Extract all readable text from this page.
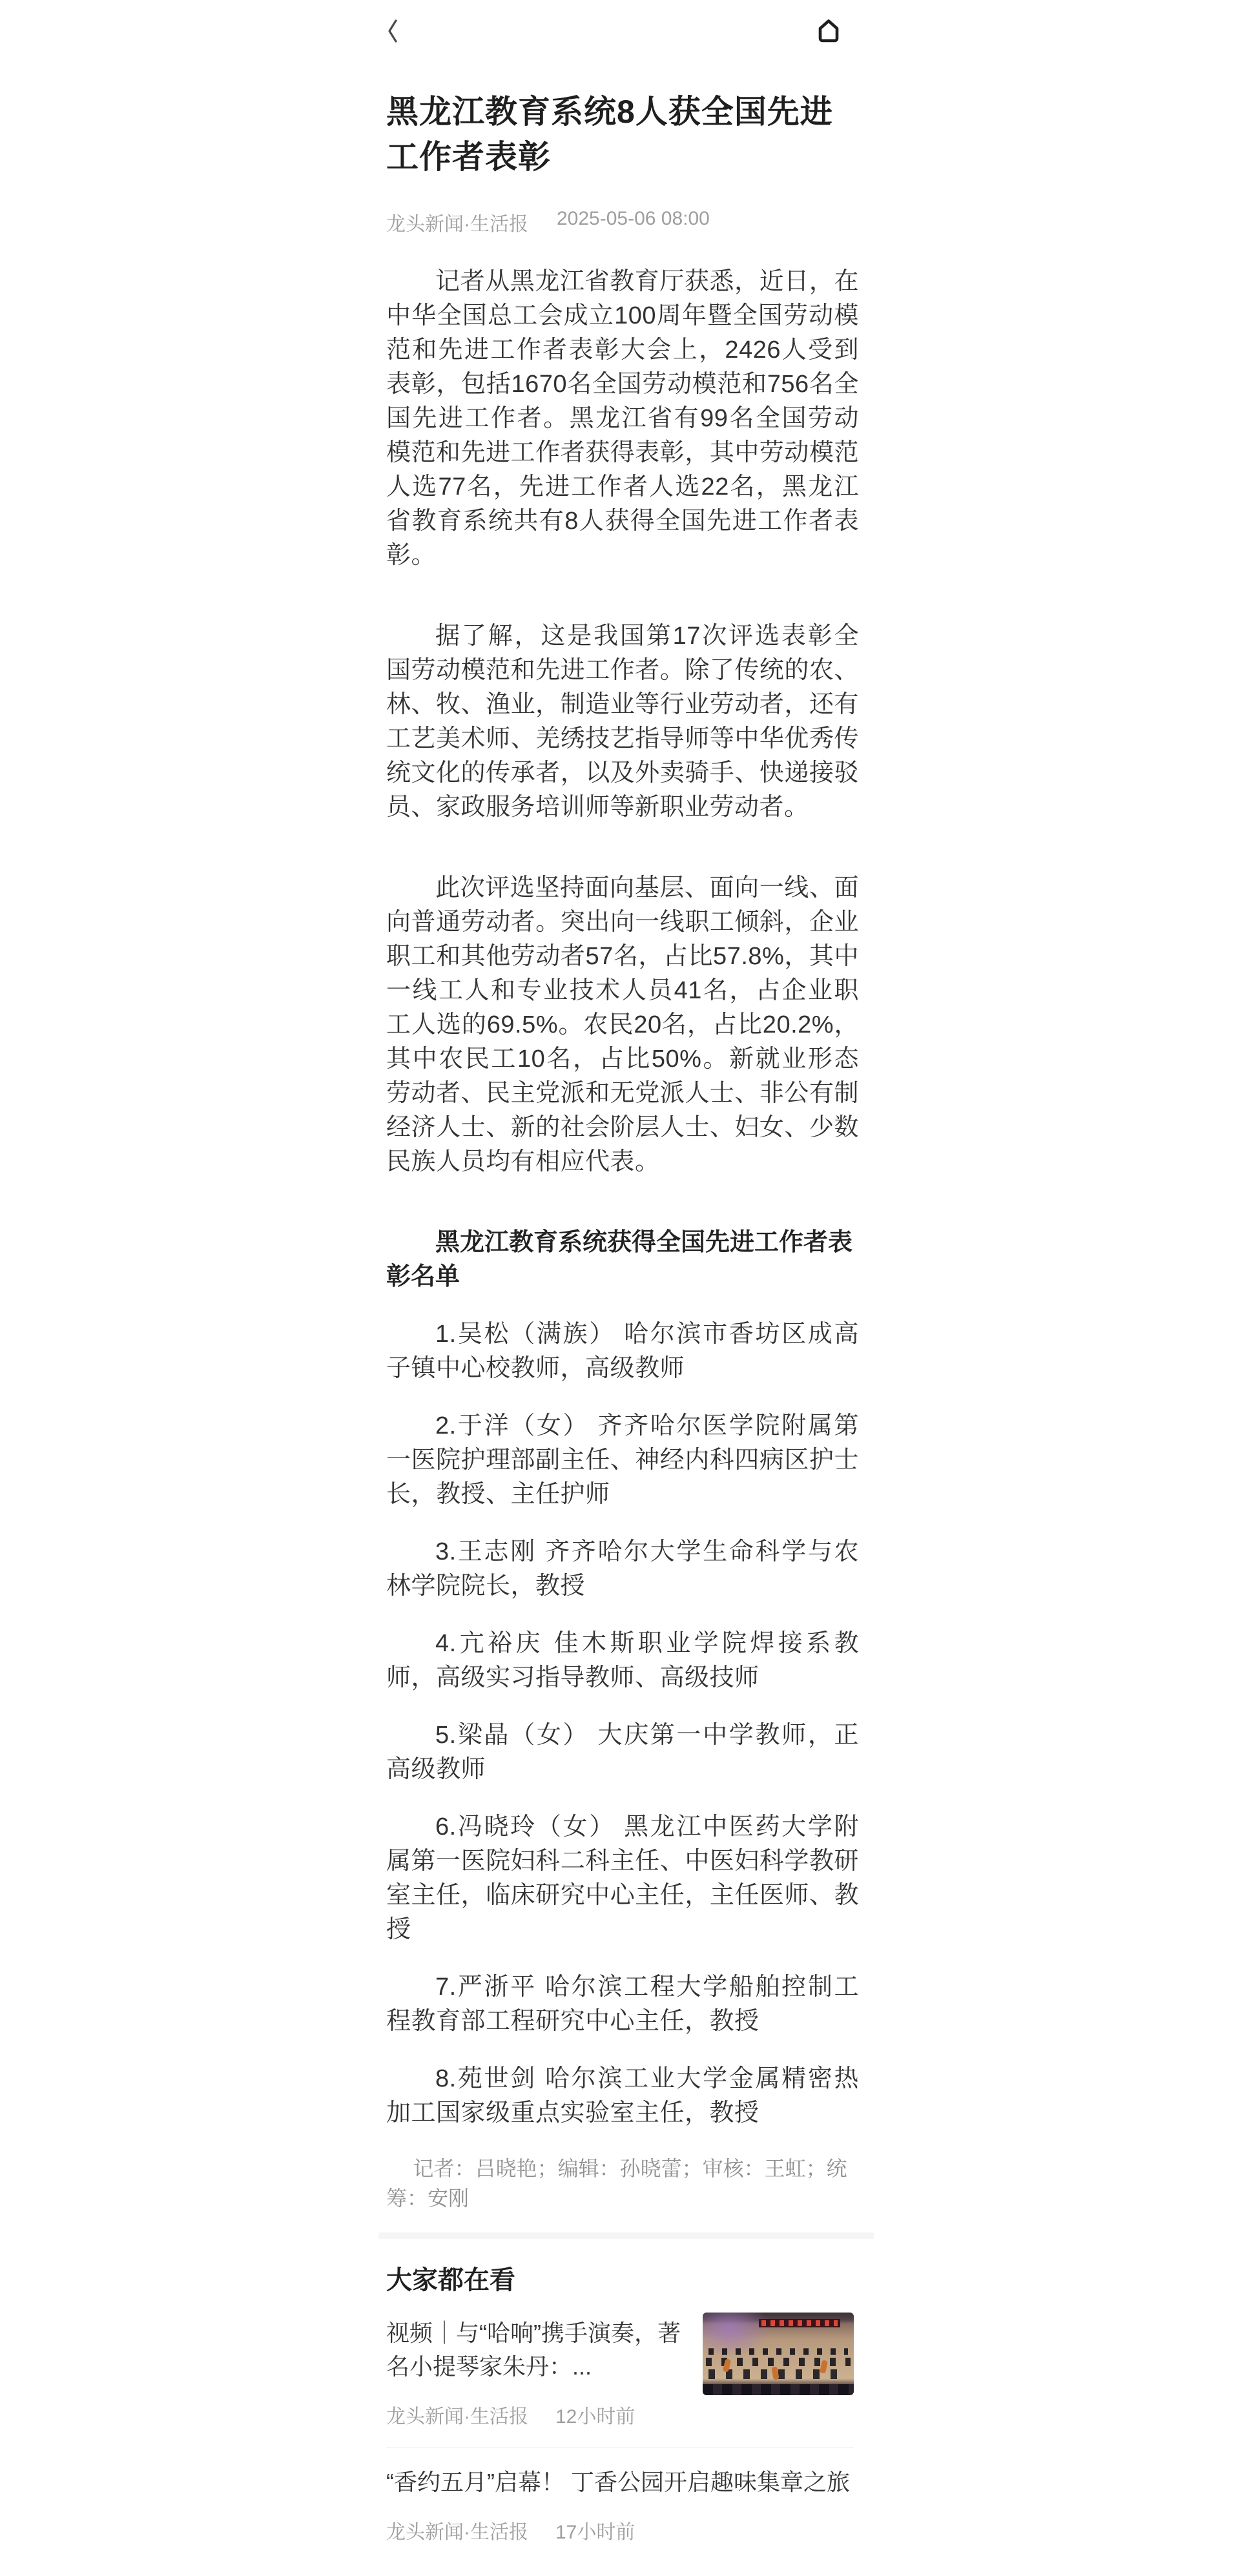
黑龙江教育系统8人获全国先进工作者表彰
龙头新闻·生活报 2025-05-06 08:00

记者从黑龙江省教育厅获悉，近日，在中华全国总工会成立100周年暨全国劳动模范和先进工作者表彰大会上，2426人受到表彰，包括1670名全国劳动模范和756名全国先进工作者。黑龙江省有99名全国劳动模范和先进工作者获得表彰，其中劳动模范人选77名，先进工作者人选22名，黑龙江省教育系统共有8人获得全国先进工作者表彰。

据了解，这是我国第17次评选表彰全国劳动模范和先进工作者。除了传统的农、林、牧、渔业，制造业等行业劳动者，还有工艺美术师、羌绣技艺指导师等中华优秀传统文化的传承者，以及外卖骑手、快递接驳员、家政服务培训师等新职业劳动者。

此次评选坚持面向基层、面向一线、面向普通劳动者。突出向一线职工倾斜，企业职工和其他劳动者57名，占比57.8%，其中一线工人和专业技术人员41名，占企业职工人选的69.5%。农民20名，占比20.2%，其中农民工10名，占比50%。新就业形态劳动者、民主党派和无党派人士、非公有制经济人士、新的社会阶层人士、妇女、少数民族人员均有相应代表。

黑龙江教育系统获得全国先进工作者表彰名单

1.吴松（满族） 哈尔滨市香坊区成高子镇中心校教师，高级教师

2.于洋（女） 齐齐哈尔医学院附属第一医院护理部副主任、神经内科四病区护士长，教授、主任护师

3.王志刚 齐齐哈尔大学生命科学与农林学院院长，教授

4.亢裕庆 佳木斯职业学院焊接系教师，高级实习指导教师、高级技师

5.梁晶（女） 大庆第一中学教师，正高级教师

6.冯晓玲（女） 黑龙江中医药大学附属第一医院妇科二科主任、中医妇科学教研室主任，临床研究中心主任，主任医师、教授

7.严浙平 哈尔滨工程大学船舶控制工程教育部工程研究中心主任，教授

8.苑世剑 哈尔滨工业大学金属精密热加工国家级重点实验室主任，教授

记者：吕晓艳；编辑：孙晓蕾；审核：王虹；统筹：安刚

大家都在看
视频｜与“哈响”携手演奏，著名小提琴家朱丹：...
龙头新闻·生活报 12小时前
“香约五月”启幕！ 丁香公园开启趣味集章之旅
龙头新闻·生活报 17小时前
